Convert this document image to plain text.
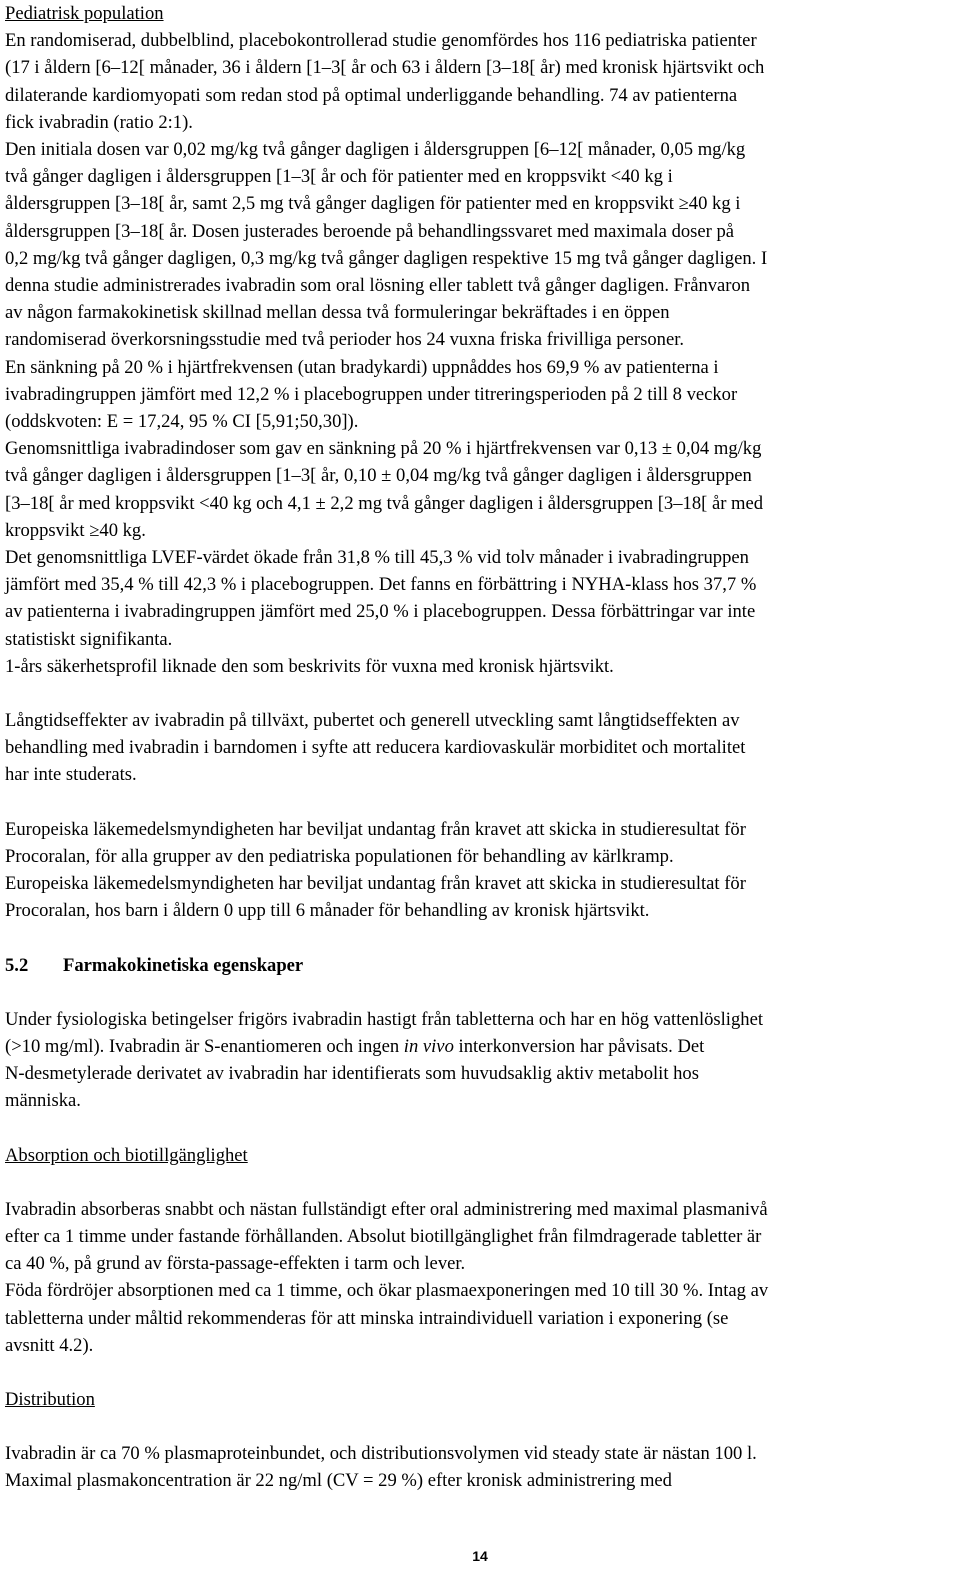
Pediatrisk population
En randomiserad, dubbelblind, placebokontrollerad studie genomfördes hos 116 pediatriska patienter
(17 i åldern [6–12[ månader, 36 i åldern [1–3[ år och 63 i åldern [3–18[ år) med kronisk hjärtsvikt och
dilaterande kardiomyopati som redan stod på optimal underliggande behandling. 74 av patienterna
fick ivabradin (ratio 2:1).
Den initiala dosen var 0,02 mg/kg två gånger dagligen i åldersgruppen [6–12[ månader, 0,05 mg/kg
två gånger dagligen i åldersgruppen [1–3[ år och för patienter med en kroppsvikt <40 kg i
åldersgruppen [3–18[ år, samt 2,5 mg två gånger dagligen för patienter med en kroppsvikt ≥40 kg i
åldersgruppen [3–18[ år. Dosen justerades beroende på behandlingssvaret med maximala doser på
0,2 mg/kg två gånger dagligen, 0,3 mg/kg två gånger dagligen respektive 15 mg två gånger dagligen. I
denna studie administrerades ivabradin som oral lösning eller tablett två gånger dagligen. Frånvaron
av någon farmakokinetisk skillnad mellan dessa två formuleringar bekräftades i en öppen
randomiserad överkorsningsstudie med två perioder hos 24 vuxna friska frivilliga personer.
En sänkning på 20 % i hjärtfrekvensen (utan bradykardi) uppnåddes hos 69,9 % av patienterna i
ivabradingruppen jämfört med 12,2 % i placebogruppen under titreringsperioden på 2 till 8 veckor
(oddskvoten: E = 17,24, 95 % CI [5,91;50,30]).
Genomsnittliga ivabradindoser som gav en sänkning på 20 % i hjärtfrekvensen var 0,13 ± 0,04 mg/kg
två gånger dagligen i åldersgruppen [1–3[ år, 0,10 ± 0,04 mg/kg två gånger dagligen i åldersgruppen
[3–18[ år med kroppsvikt <40 kg och 4,1 ± 2,2 mg två gånger dagligen i åldersgruppen [3–18[ år med
kroppsvikt ≥40 kg.
Det genomsnittliga LVEF-värdet ökade från 31,8 % till 45,3 % vid tolv månader i ivabradingruppen
jämfört med 35,4 % till 42,3 % i placebogruppen. Det fanns en förbättring i NYHA-klass hos 37,7 %
av patienterna i ivabradingruppen jämfört med 25,0 % i placebogruppen. Dessa förbättringar var inte
statistiskt signifikanta.
1-års säkerhetsprofil liknade den som beskrivits för vuxna med kronisk hjärtsvikt.
Långtidseffekter av ivabradin på tillväxt, pubertet och generell utveckling samt långtidseffekten av
behandling med ivabradin i barndomen i syfte att reducera kardiovaskulär morbiditet och mortalitet
har inte studerats.
Europeiska läkemedelsmyndigheten har beviljat undantag från kravet att skicka in studieresultat för
Procoralan, för alla grupper av den pediatriska populationen för behandling av kärlkramp.
Europeiska läkemedelsmyndigheten har beviljat undantag från kravet att skicka in studieresultat för
Procoralan, hos barn i åldern 0 upp till 6 månader för behandling av kronisk hjärtsvikt.
5.2 Farmakokinetiska egenskaper
Under fysiologiska betingelser frigörs ivabradin hastigt från tabletterna och har en hög vattenlöslighet
(>10 mg/ml). Ivabradin är S-enantiomeren och ingen in vivo interkonversion har påvisats. Det
N-desmetylerade derivatet av ivabradin har identifierats som huvudsaklig aktiv metabolit hos
människa.
Absorption och biotillgänglighet
Ivabradin absorberas snabbt och nästan fullständigt efter oral administrering med maximal plasmanivå
efter ca 1 timme under fastande förhållanden. Absolut biotillgänglighet från filmdragerade tabletter är
ca 40 %, på grund av första-passage-effekten i tarm och lever.
Föda fördröjer absorptionen med ca 1 timme, och ökar plasmaexponeringen med 10 till 30 %. Intag av
tabletterna under måltid rekommenderas för att minska intraindividuell variation i exponering (se
avsnitt 4.2).
Distribution
Ivabradin är ca 70 % plasmaproteinbundet, och distributionsvolymen vid steady state är nästan 100 l.
Maximal plasmakoncentration är 22 ng/ml (CV = 29 %) efter kronisk administrering med
14
